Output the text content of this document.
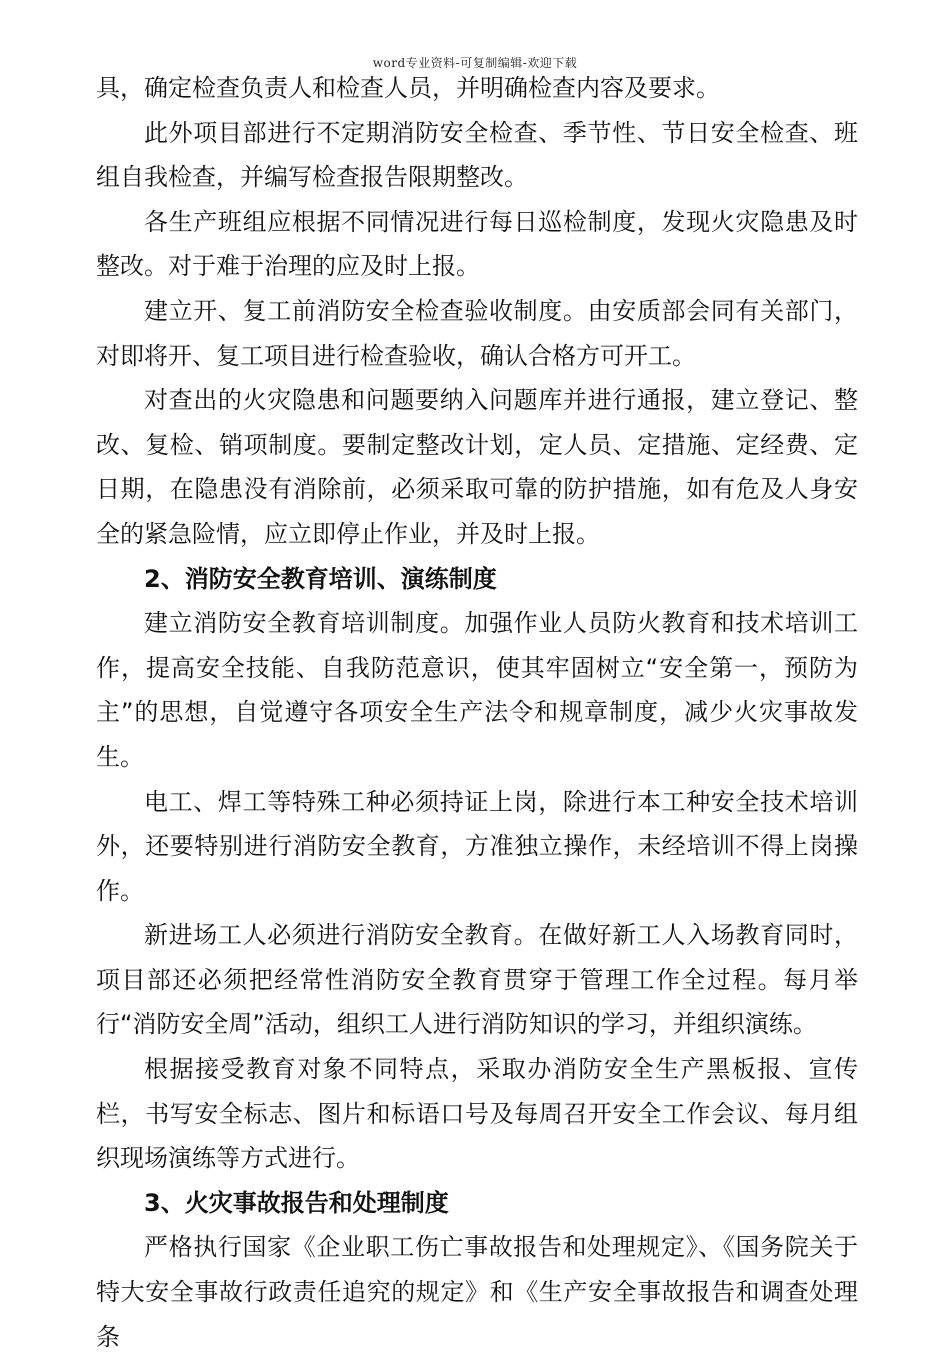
word专业资料-可复制编辑-欢迎下载

具，确定检查负责人和检查人员，并明确检查内容及要求。

此外项目部进行不定期消防安全检查、季节性、节日安全检查、班组自我检查，并编写检查报告限期整改。

各生产班组应根据不同情况进行每日巡检制度，发现火灾隐患及时整改。对于难于治理的应及时上报。

建立开、复工前消防安全检查验收制度。由安质部会同有关部门，对即将开、复工项目进行检查验收，确认合格方可开工。

对查出的火灾隐患和问题要纳入问题库并进行通报，建立登记、整改、复检、销项制度。要制定整改计划，定人员、定措施、定经费、定日期，在隐患没有消除前，必须采取可靠的防护措施，如有危及人身安全的紧急险情，应立即停止作业，并及时上报。

2、消防安全教育培训、演练制度

建立消防安全教育培训制度。加强作业人员防火教育和技术培训工作，提高安全技能、自我防范意识，使其牢固树立“安全第一，预防为主”的思想，自觉遵守各项安全生产法令和规章制度，减少火灾事故发生。

电工、焊工等特殊工种必须持证上岗，除进行本工种安全技术培训外，还要特别进行消防安全教育，方准独立操作，未经培训不得上岗操作。

新进场工人必须进行消防安全教育。在做好新工人入场教育同时，项目部还必须把经常性消防安全教育贯穿于管理工作全过程。每月举行“消防安全周”活动，组织工人进行消防知识的学习，并组织演练。

根据接受教育对象不同特点，采取办消防安全生产黑板报、宣传栏，书写安全标志、图片和标语口号及每周召开安全工作会议、每月组织现场演练等方式进行。

3、火灾事故报告和处理制度

严格执行国家《企业职工伤亡事故报告和处理规定》、《国务院关于特大安全事故行政责任追究的规定》和《生产安全事故报告和调查处理条
